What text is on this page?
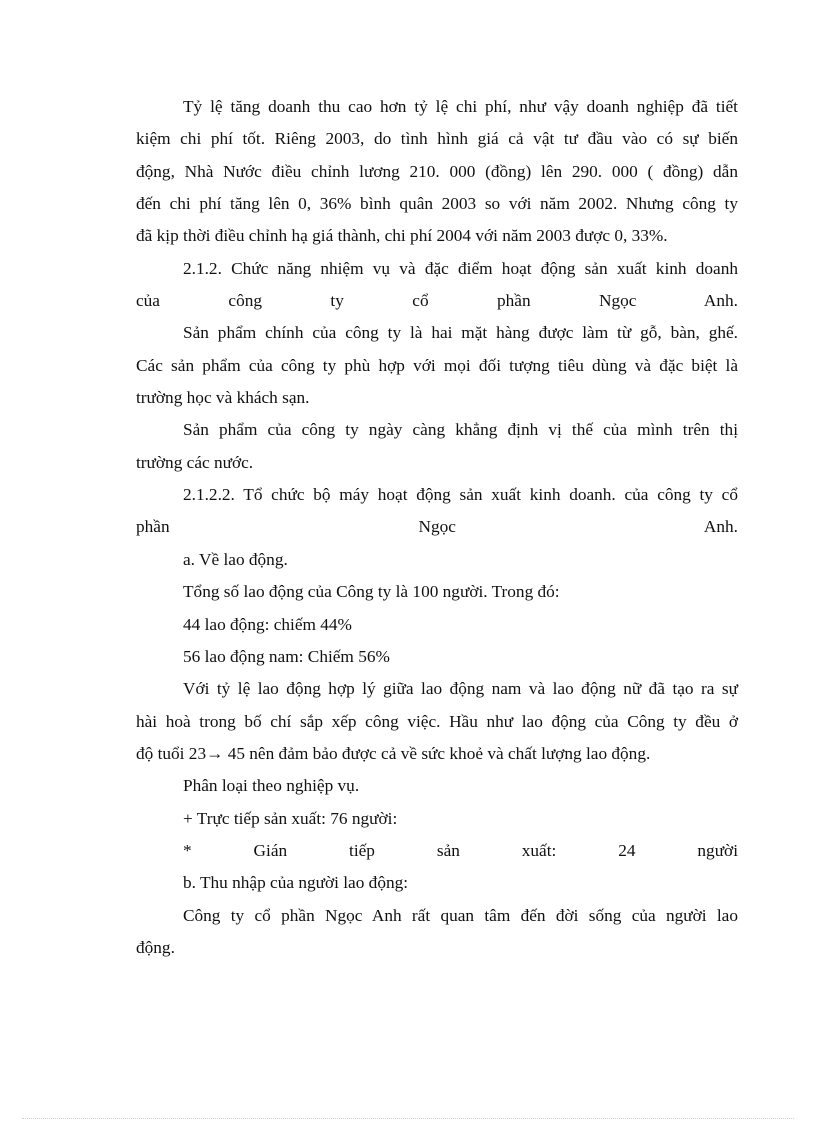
Tỷ lệ tăng doanh thu cao hơn tỷ lệ chi phí, như vậy doanh nghiệp đã tiết
kiệm chi phí tốt. Riêng 2003, do tình hình giá cả vật tư đầu vào có sự biến
động, Nhà Nước điều chỉnh lương 210. 000 (đồng) lên 290. 000 ( đồng) dẫn
đến chi phí tăng lên 0, 36% bình quân 2003 so với năm 2002. Nhưng công ty
đã kịp thời điều chỉnh hạ giá thành, chi phí 2004 với năm 2003 được 0, 33%.
2.1.2. Chức năng nhiệm vụ và đặc điểm hoạt động sản xuất kinh doanh
của công ty cổ phần Ngọc Anh.
Sản phẩm chính của công ty là hai mặt hàng được làm từ gỗ, bàn, ghế.
Các sản phẩm của công ty phù hợp với mọi đối tượng tiêu dùng và đặc biệt là
trường học và khách sạn.
Sản phẩm của công ty ngày càng khẳng định vị thế của mình trên thị
trường các nước.
2.1.2.2. Tổ chức bộ máy hoạt động sản xuất kinh doanh. của công ty cổ
phần Ngọc Anh.
a. Về lao động.
Tổng số lao động của Công ty là 100 người. Trong đó:
44 lao động: chiếm 44%
56 lao động nam: Chiếm 56%
Với tỷ lệ lao động hợp lý giữa lao động nam và lao động nữ đã tạo ra sự
hài hoà trong bố chí sắp xếp công việc. Hầu như lao động của Công ty đều ở
độ tuổi 23→ 45 nên đảm bảo được cả về sức khoẻ và chất lượng lao động.
Phân loại theo nghiệp vụ.
+ Trực tiếp sản xuất: 76 người:
* Gián tiếp sản xuất: 24 người
b. Thu nhập của người lao động:
Công ty cổ phần Ngọc Anh rất quan tâm đến đời sống của người lao
động.
